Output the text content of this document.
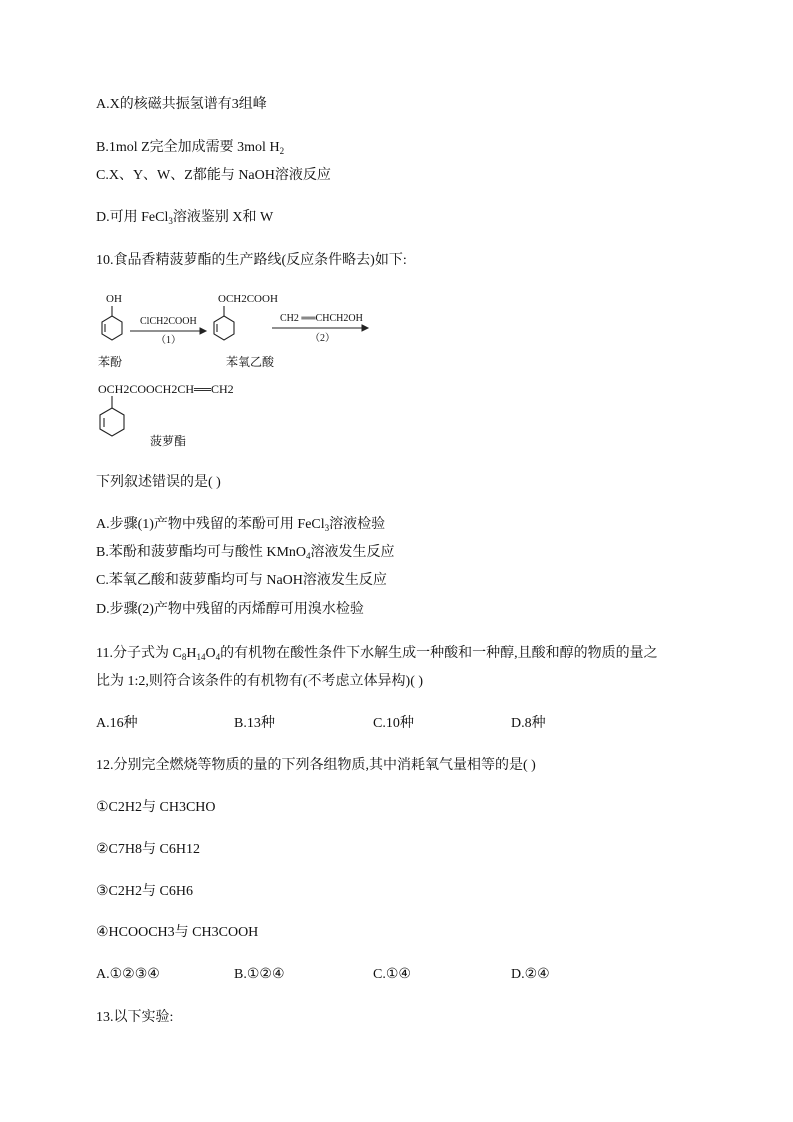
A.X的核磁共振氢谱有3组峰
B.1mol Z完全加成需要 3mol $H_2$
C.X、Y、W、Z都能与 NaOH溶液反应
D.可用 FeCl$_3$溶液鉴别 X和 W
10.食品香精菠萝酯的生产路线(反应条件略去)如下:
OH
苯酚
ClCH2COOH
（1）
OCH2COOH
苯氧乙酸
CH2 ══CHCH2OH
（2）
OCH2COOCH2CH══CH2
菠萝酯
下列叙述错误的是( )
A.步骤(1)产物中残留的苯酚可用 FeCl$_3$溶液检验
B.苯酚和菠萝酯均可与酸性 KMnO$_4$溶液发生反应
C.苯氧乙酸和菠萝酯均可与 NaOH溶液发生反应
D.步骤(2)产物中残留的丙烯醇可用溴水检验
11.分子式为 $C_8H_{14}O_4$的有机物在酸性条件下水解生成一种酸和一种醇,且酸和醇的物质的量之
比为 1:2,则符合该条件的有机物有(不考虑立体异构)( )
A.16种	B.13种	C.10种	D.8种
12.分别完全燃烧等物质的量的下列各组物质,其中消耗氧气量相等的是( )
①C2H2与 CH3CHO
②C7H8与 C6H12
③C2H2与 C6H6
④HCOOCH3与 CH3COOH
A.①②③④	B.①②④	C.①④	D.②④
13.以下实验:
